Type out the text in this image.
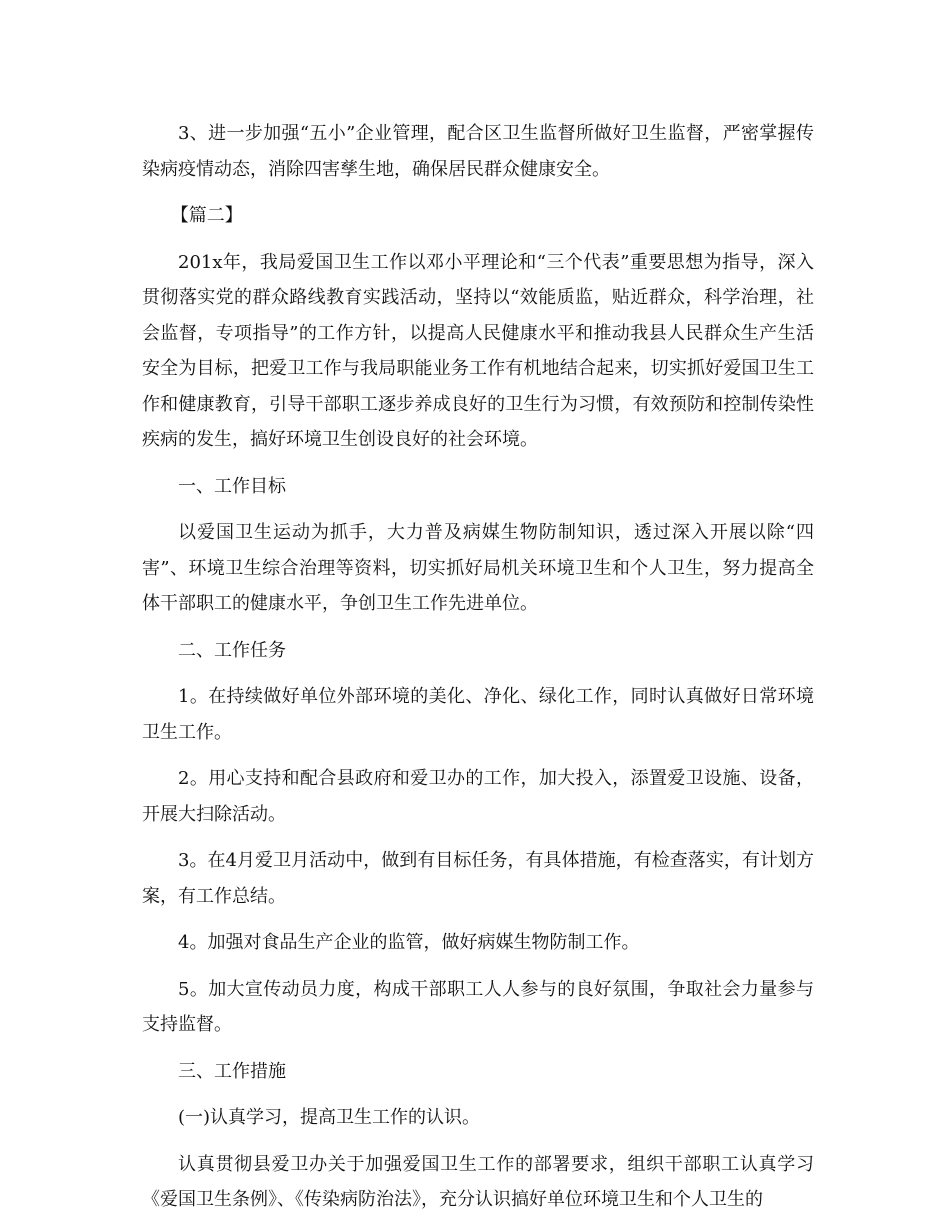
3、进一步加强“五小”企业管理，配合区卫生监督所做好卫生监督，严密掌握传染病疫情动态，消除四害孳生地，确保居民群众健康安全。

【篇二】

201x年，我局爱国卫生工作以邓小平理论和“三个代表”重要思想为指导，深入贯彻落实党的群众路线教育实践活动，坚持以“效能质监，贴近群众，科学治理，社会监督，专项指导”的工作方针，以提高人民健康水平和推动我县人民群众生产生活安全为目标，把爱卫工作与我局职能业务工作有机地结合起来，切实抓好爱国卫生工作和健康教育，引导干部职工逐步养成良好的卫生行为习惯，有效预防和控制传染性疾病的发生，搞好环境卫生创设良好的社会环境。

一、工作目标

以爱国卫生运动为抓手，大力普及病媒生物防制知识，透过深入开展以除“四害”、环境卫生综合治理等资料，切实抓好局机关环境卫生和个人卫生，努力提高全体干部职工的健康水平，争创卫生工作先进单位。

二、工作任务

1。在持续做好单位外部环境的美化、净化、绿化工作，同时认真做好日常环境卫生工作。

2。用心支持和配合县政府和爱卫办的工作，加大投入，添置爱卫设施、设备，开展大扫除活动。

3。在4月爱卫月活动中，做到有目标任务，有具体措施，有检查落实，有计划方案，有工作总结。

4。加强对食品生产企业的监管，做好病媒生物防制工作。

5。加大宣传动员力度，构成干部职工人人参与的良好氛围，争取社会力量参与支持监督。

三、工作措施

(一)认真学习，提高卫生工作的认识。

认真贯彻县爱卫办关于加强爱国卫生工作的部署要求，组织干部职工认真学习《爱国卫生条例》、《传染病防治法》，充分认识搞好单位环境卫生和个人卫生的
